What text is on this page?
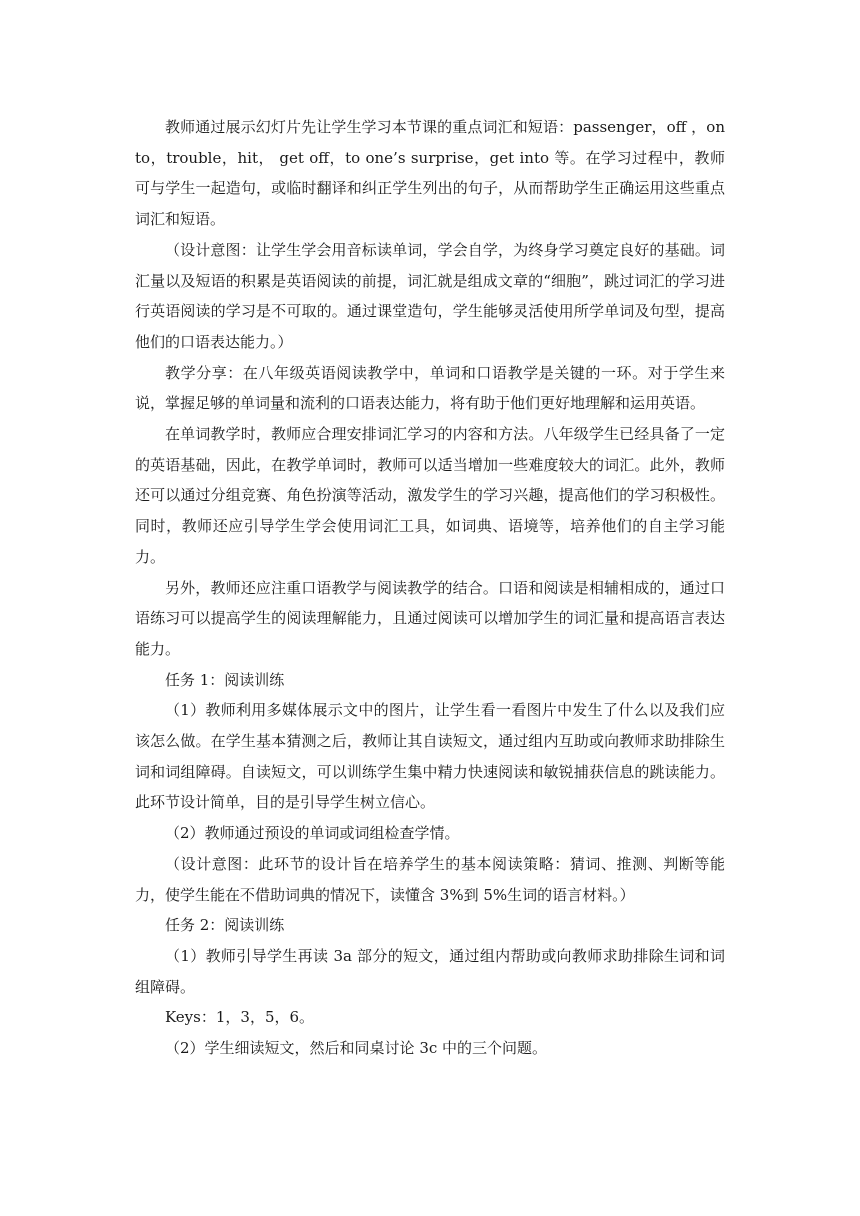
教师通过展示幻灯片先让学生学习本节课的重点词汇和短语：passenger，off ，onto，trouble，hit， get off，to one’s surprise，get into 等。在学习过程中，教师可与学生一起造句，或临时翻译和纠正学生列出的句子，从而帮助学生正确运用这些重点词汇和短语。

（设计意图：让学生学会用音标读单词，学会自学，为终身学习奠定良好的基础。词汇量以及短语的积累是英语阅读的前提，词汇就是组成文章的“细胞”，跳过词汇的学习进行英语阅读的学习是不可取的。通过课堂造句，学生能够灵活使用所学单词及句型，提高他们的口语表达能力。）

教学分享：在八年级英语阅读教学中，单词和口语教学是关键的一环。对于学生来说，掌握足够的单词量和流利的口语表达能力，将有助于他们更好地理解和运用英语。

在单词教学时，教师应合理安排词汇学习的内容和方法。八年级学生已经具备了一定的英语基础，因此，在教学单词时，教师可以适当增加一些难度较大的词汇。此外，教师还可以通过分组竞赛、角色扮演等活动，激发学生的学习兴趣，提高他们的学习积极性。同时，教师还应引导学生学会使用词汇工具，如词典、语境等，培养他们的自主学习能力。

另外，教师还应注重口语教学与阅读教学的结合。口语和阅读是相辅相成的，通过口语练习可以提高学生的阅读理解能力，且通过阅读可以增加学生的词汇量和提高语言表达能力。

任务 1：阅读训练

（1）教师利用多媒体展示文中的图片，让学生看一看图片中发生了什么以及我们应该怎么做。在学生基本猜测之后，教师让其自读短文，通过组内互助或向教师求助排除生词和词组障碍。自读短文，可以训练学生集中精力快速阅读和敏锐捕获信息的跳读能力。此环节设计简单，目的是引导学生树立信心。

（2）教师通过预设的单词或词组检查学情。

（设计意图：此环节的设计旨在培养学生的基本阅读策略：猜词、推测、判断等能力，使学生能在不借助词典的情况下，读懂含 3%到 5%生词的语言材料。）

任务 2：阅读训练

（1）教师引导学生再读 3a 部分的短文，通过组内帮助或向教师求助排除生词和词组障碍。

Keys：1，3，5，6。

（2）学生细读短文，然后和同桌讨论 3c 中的三个问题。
